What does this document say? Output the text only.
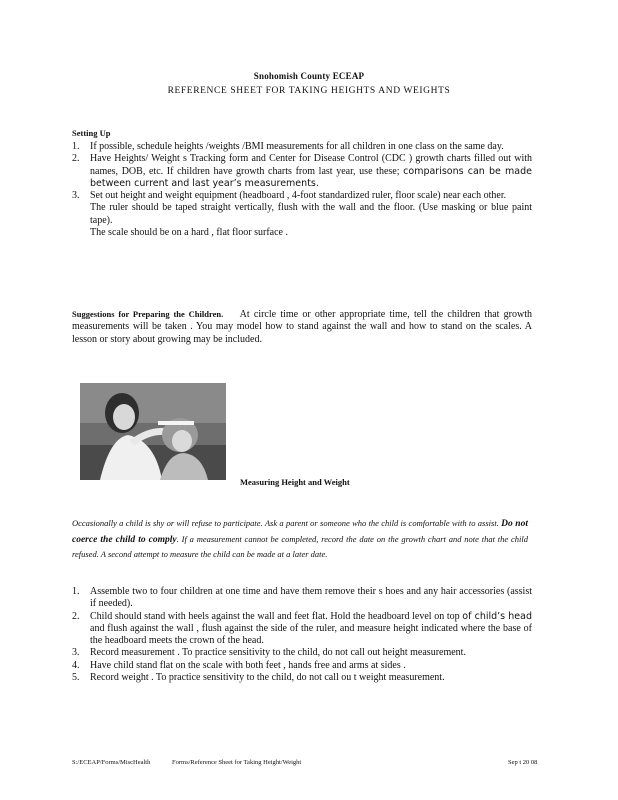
Snohomish County ECEAP
REFERENCE SHEET FOR TAKING HEIGHTS AND WEIGHTS
Setting Up
1. If possible, schedule heights /weights /BMI measurements for all children in one class on the same day.
2. Have Heights/ Weight s Tracking form and Center for Disease Control (CDC ) growth charts filled out with names, DOB, etc. If children have growth charts from last year, use these; comparisons can be made between current and last year’s measurements.
3. Set out height and weight equipment (headboard , 4-foot standardized ruler, floor scale) near each other.
The ruler should be taped straight vertically, flush with the wall and the floor. (Use masking or blue paint tape).
The scale should be on a hard , flat floor surface .
Suggestions for Preparing the Children. At circle time or other appropriate time, tell the children that growth measurements will be taken . You may model how to stand against the wall and how to stand on the scales. A lesson or story about growing may be included.
Measuring Height and Weight
Occasionally a child is shy or will refuse to participate. Ask a parent or someone who the child is comfortable with to assist. Do not coerce the child to comply. If a measurement cannot be completed, record the date on the growth chart and note that the child refused. A second attempt to measure the child can be made at a later date.
1. Assemble two to four children at one time and have them remove their s hoes and any hair accessories (assist if needed).
2. Child should stand with heels against the wall and feet flat. Hold the headboard level on top of child’s head and flush against the wall , flush against the side of the ruler, and measure height indicated where the base of the headboard meets the crown of the head.
3. Record measurement . To practice sensitivity to the child, do not call out height measurement.
4. Have child stand flat on the scale with both feet , hands free and arms at sides .
5. Record weight . To practice sensitivity to the child, do not call ou t weight measurement.
S:/ECEAP/Forms/MiscHealth	Forms/Reference Sheet for Taking Height/Weight	Sep t 20 08
